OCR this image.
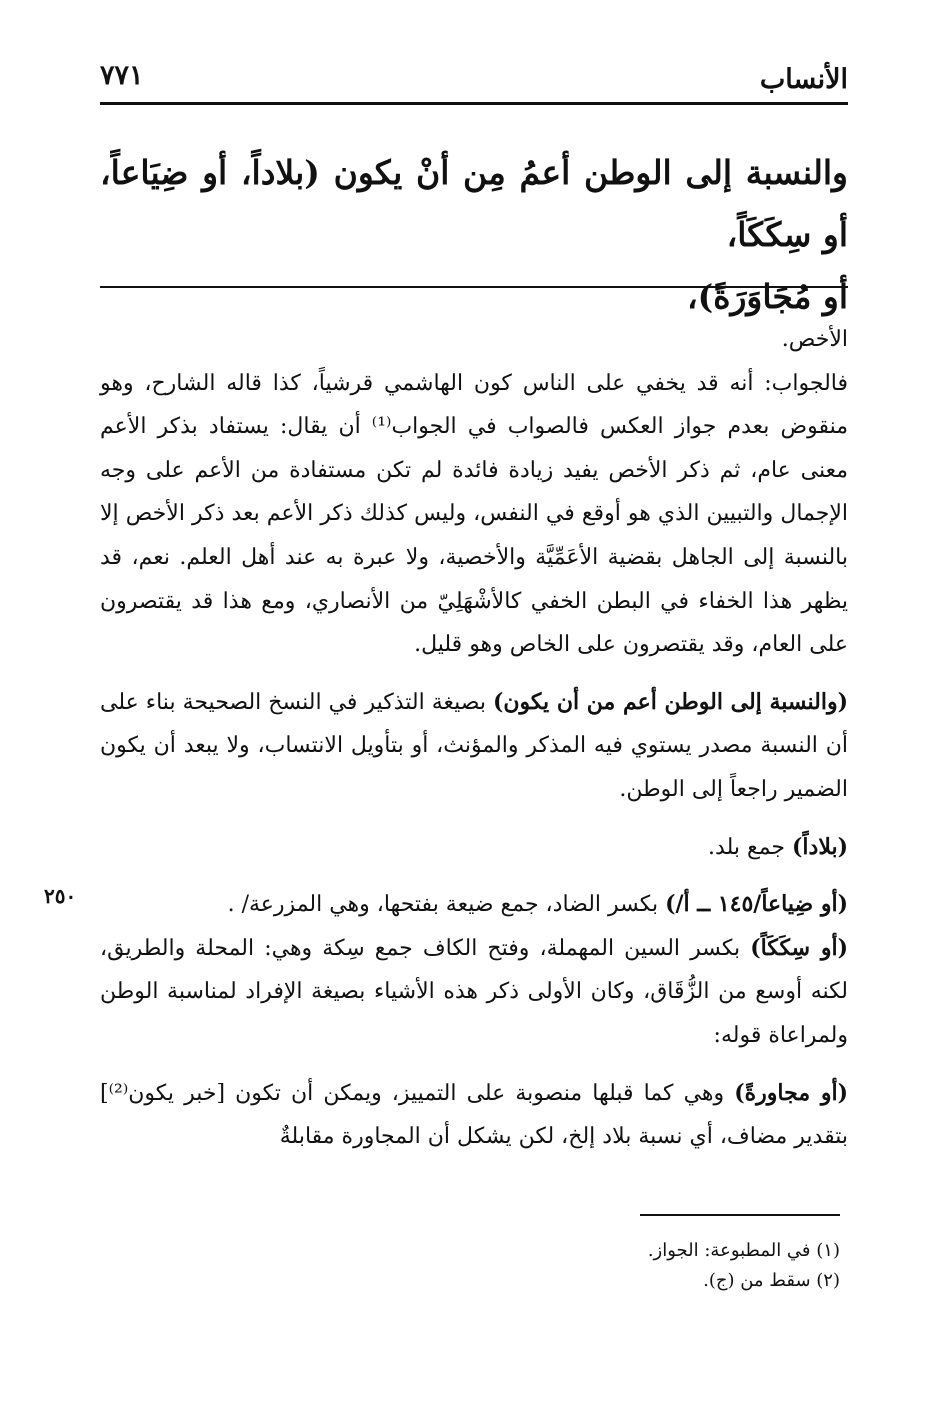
الأنساب
٧٧١
والنسبة إلى الوطن أعمُ مِن أنْ يكون (بلاداً، أو ضِيَاعاً، أو سِكَكَاً،
أو مُجَاوَرَةً)،

الأخص.

فالجواب: أنه قد يخفي على الناس كون الهاشمي قرشياً، كذا قاله الشارح، وهو منقوض بعدم جواز العكس فالصواب في الجواب⁽¹⁾ أن يقال: يستفاد بذكر الأعم معنى عام، ثم ذكر الأخص يفيد زيادة فائدة لم تكن مستفادة من الأعم على وجه الإجمال والتبيين الذي هو أوقع في النفس، وليس كذلك ذكر الأعم بعد ذكر الأخص إلا بالنسبة إلى الجاهل بقضية الأعَمِّيَّة والأخصية، ولا عبرة به عند أهل العلم. نعم، قد يظهر هذا الخفاء في البطن الخفي كالأشْهَلِيّ من الأنصاري، ومع هذا قد يقتصرون على العام، وقد يقتصرون على الخاص وهو قليل.

(والنسبة إلى الوطن أعم من أن يكون) بصيغة التذكير في النسخ الصحيحة بناء على أن النسبة مصدر يستوي فيه المذكر والمؤنث، أو بتأويل الانتساب، ولا يبعد أن يكون الضمير راجعاً إلى الوطن.

(بلاداً) جمع بلد.

(أو ضِياعاً/١٤٥ ــ أ/) بكسر الضاد، جمع ضيعة بفتحها، وهي المزرعة/ .

(أو سِكَكَاً) بكسر السين المهملة، وفتح الكاف جمع سِكة وهي: المحلة والطريق، لكنه أوسع من الزُّقَاق، وكان الأولى ذكر هذه الأشياء بصيغة الإفراد لمناسبة الوطن ولمراعاة قوله:

(أو مجاورةً) وهي كما قبلها منصوبة على التمييز، ويمكن أن تكون [خبر يكون⁽²⁾] بتقدير مضاف، أي نسبة بلاد إلخ، لكن يشكل أن المجاورة مقابلةٌ

٢٥٠
(١) في المطبوعة: الجواز.
(٢) سقط من (ج).
